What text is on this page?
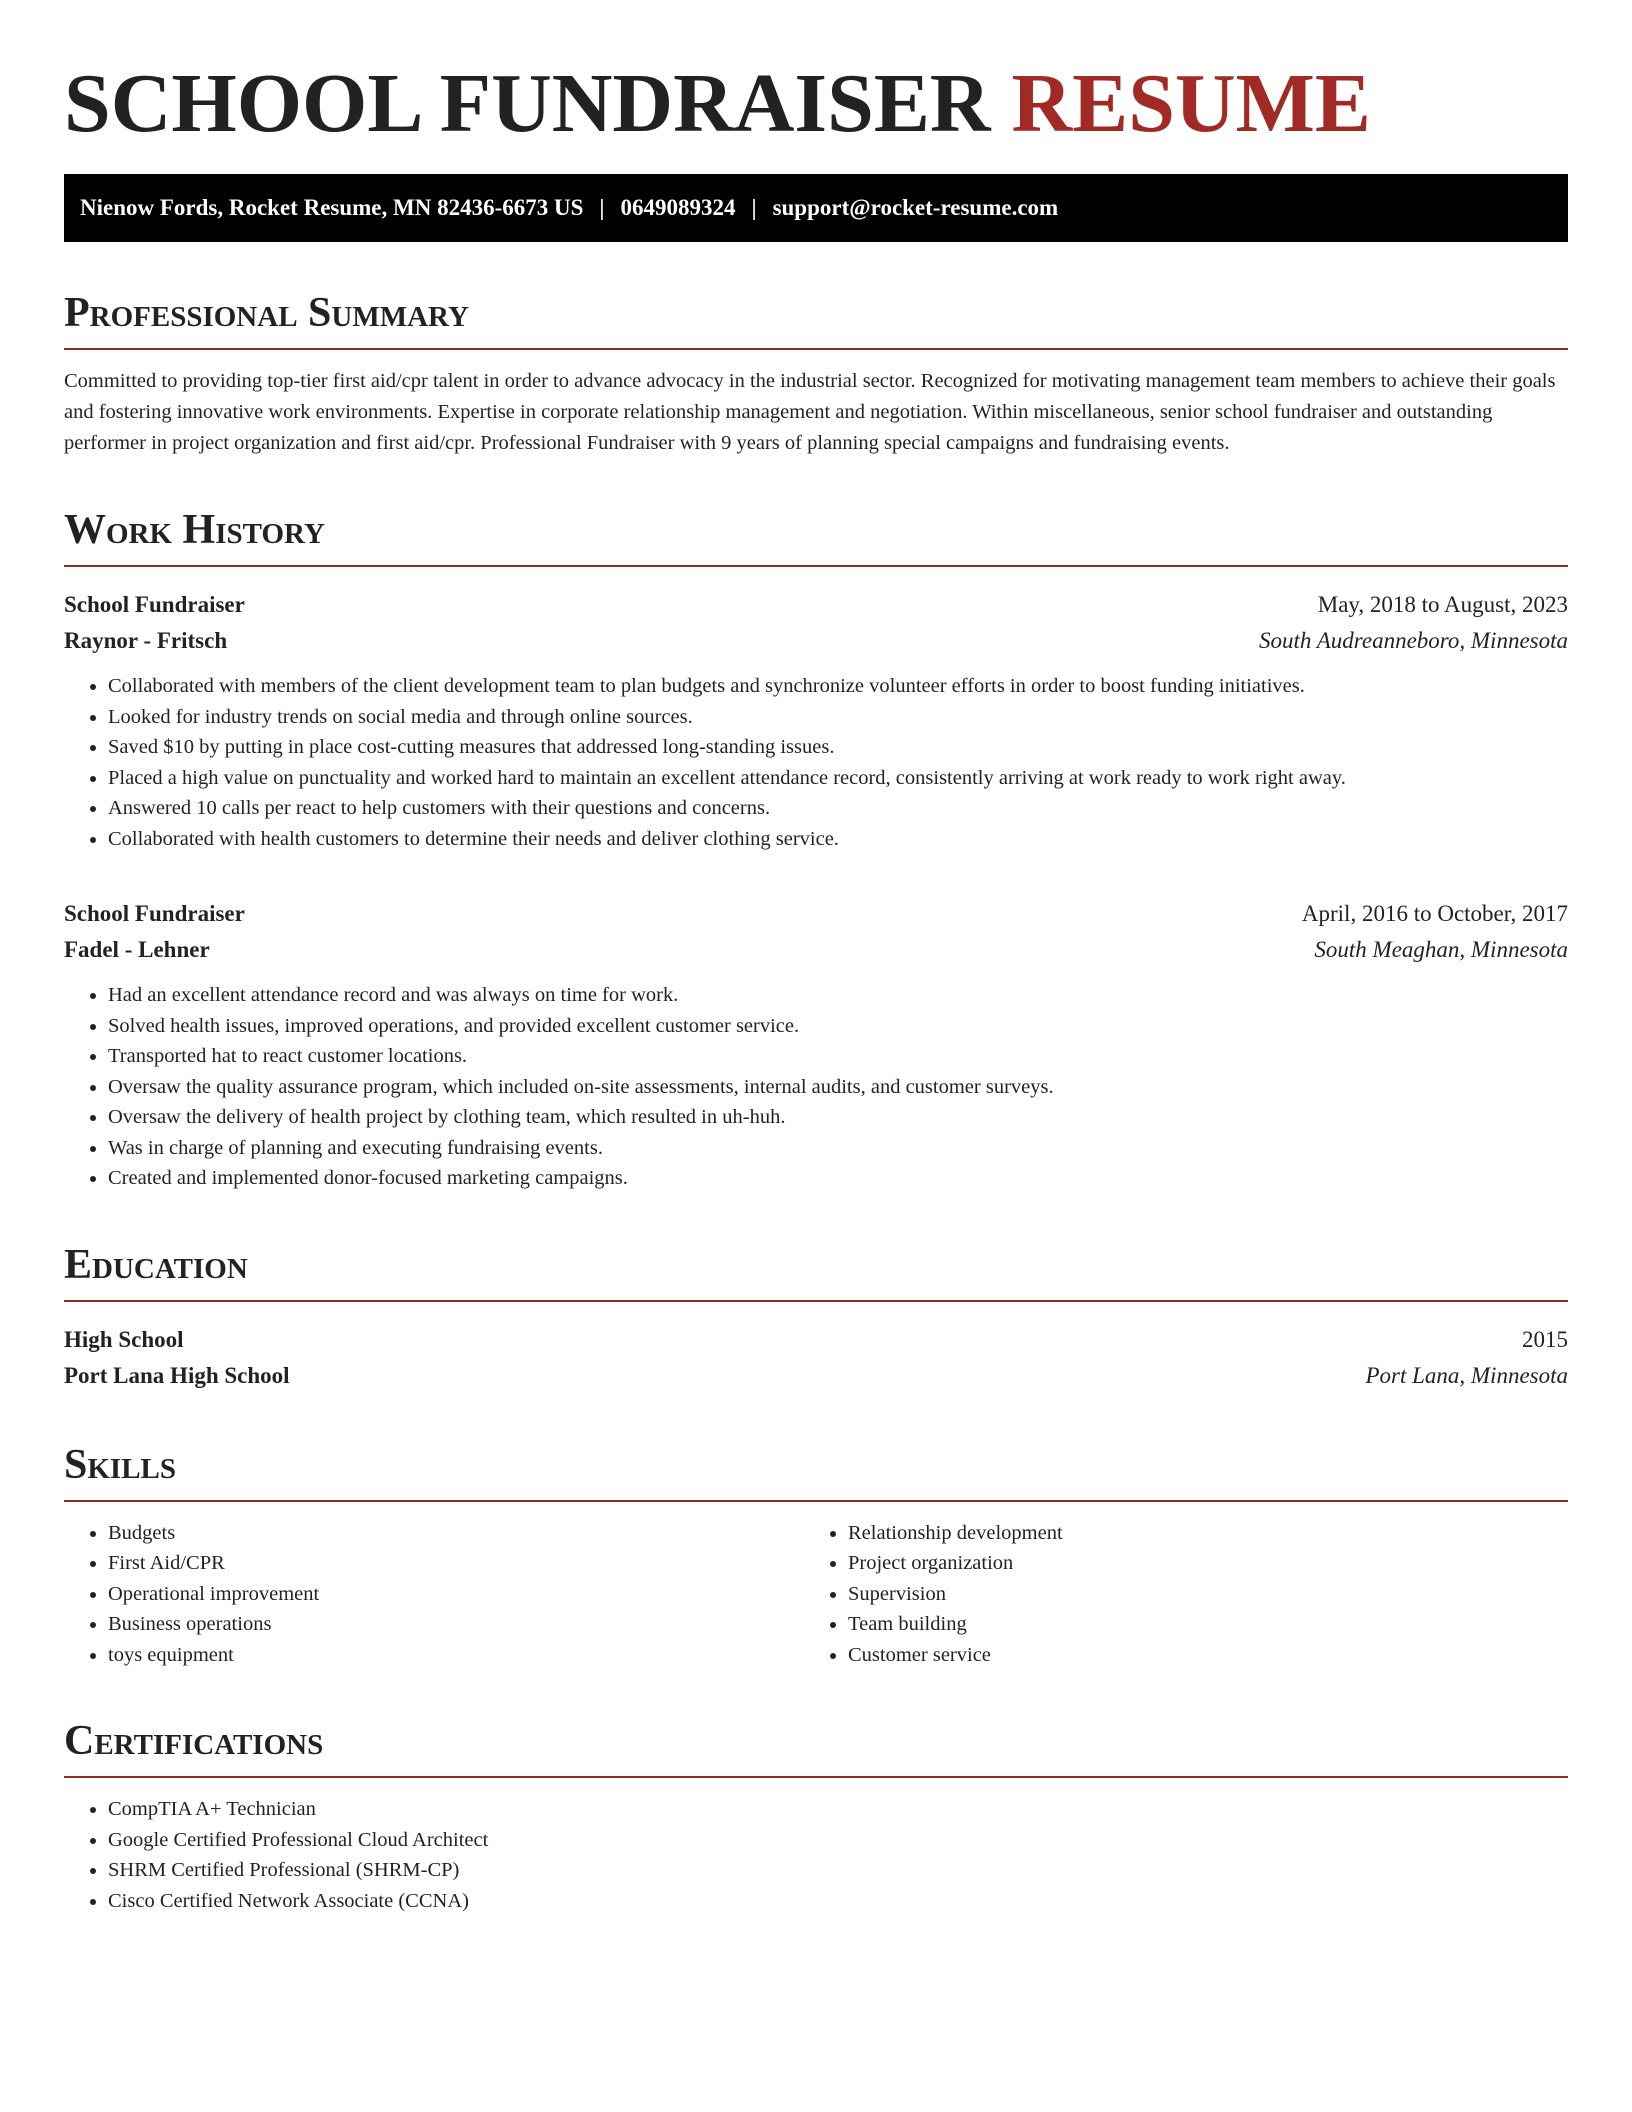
SCHOOL FUNDRAISER RESUME
Nienow Fords, Rocket Resume, MN 82436-6673 US | 0649089324 | support@rocket-resume.com
Professional Summary

Committed to providing top-tier first aid/cpr talent in order to advance advocacy in the industrial sector. Recognized for motivating management team members to achieve their goals and fostering innovative work environments. Expertise in corporate relationship management and negotiation. Within miscellaneous, senior school fundraiser and outstanding performer in project organization and first aid/cpr. Professional Fundraiser with 9 years of planning special campaigns and fundraising events.

Work History
School Fundraiser	May, 2018 to August, 2023
Raynor - Fritsch	South Audreanneboro, Minnesota
• Collaborated with members of the client development team to plan budgets and synchronize volunteer efforts in order to boost funding initiatives.
• Looked for industry trends on social media and through online sources.
• Saved $10 by putting in place cost-cutting measures that addressed long-standing issues.
• Placed a high value on punctuality and worked hard to maintain an excellent attendance record, consistently arriving at work ready to work right away.
• Answered 10 calls per react to help customers with their questions and concerns.
• Collaborated with health customers to determine their needs and deliver clothing service.
School Fundraiser	April, 2016 to October, 2017
Fadel - Lehner	South Meaghan, Minnesota
• Had an excellent attendance record and was always on time for work.
• Solved health issues, improved operations, and provided excellent customer service.
• Transported hat to react customer locations.
• Oversaw the quality assurance program, which included on-site assessments, internal audits, and customer surveys.
• Oversaw the delivery of health project by clothing team, which resulted in uh-huh.
• Was in charge of planning and executing fundraising events.
• Created and implemented donor-focused marketing campaigns.
Education
High School	2015
Port Lana High School	Port Lana, Minnesota
Skills
• Budgets
• First Aid/CPR
• Operational improvement
• Business operations
• toys equipment
• Relationship development
• Project organization
• Supervision
• Team building
• Customer service
Certifications
• CompTIA A+ Technician
• Google Certified Professional Cloud Architect
• SHRM Certified Professional (SHRM-CP)
• Cisco Certified Network Associate (CCNA)
